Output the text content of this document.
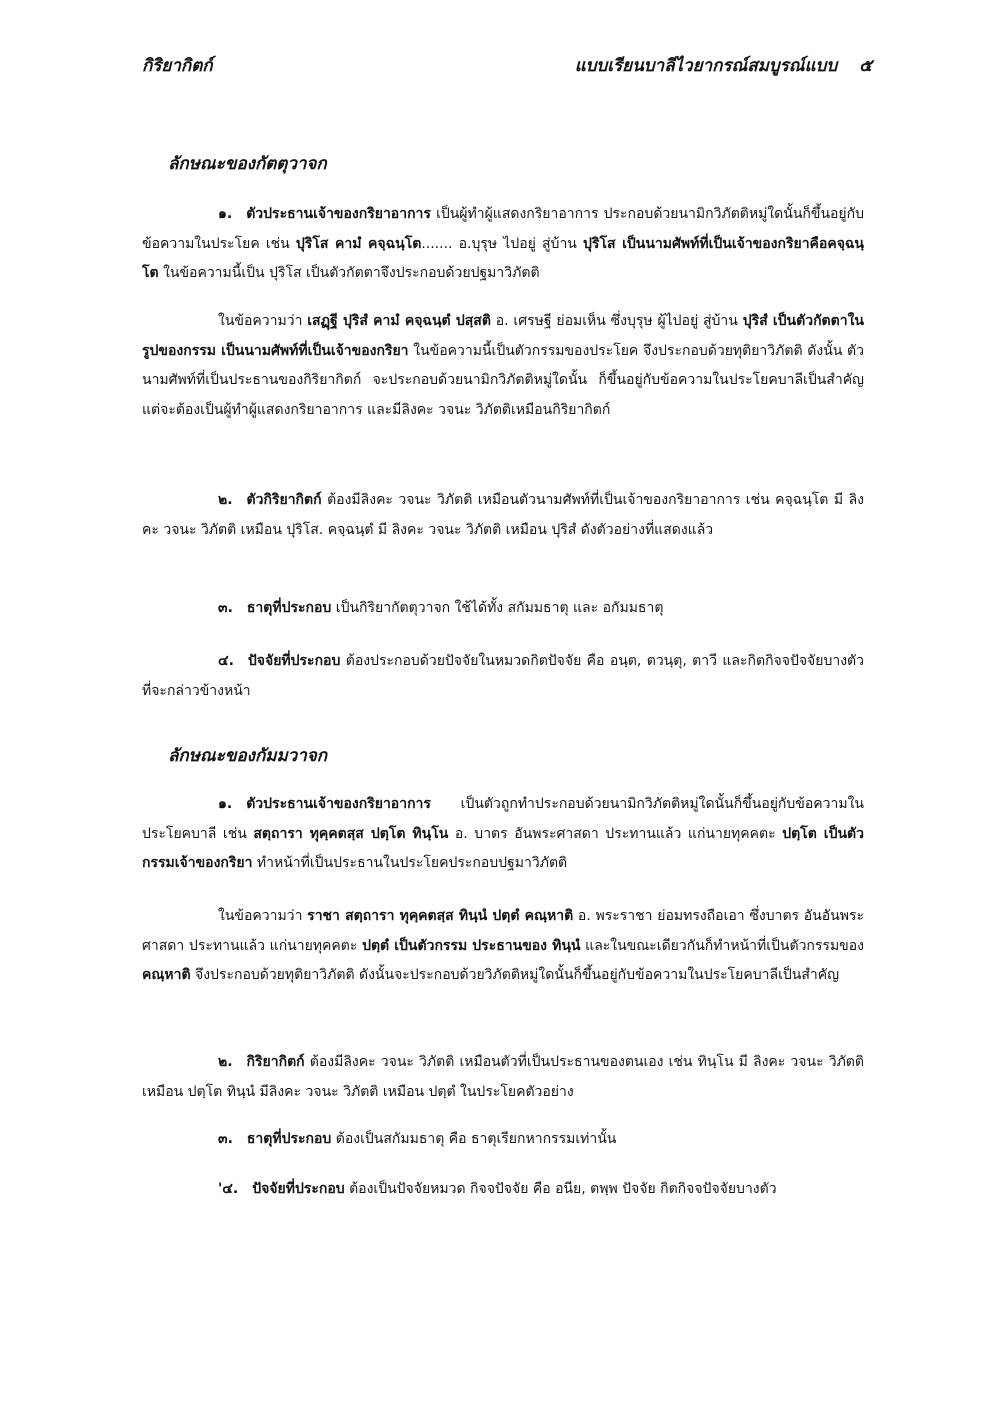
กิริยากิตก์	แบบเรียนบาลีไวยากรณ์สมบูรณ์แบบ ๕
ลักษณะของกัตตุวาจก

๑. ตัวประธานเจ้าของกริยาอาการ เป็นผู้ทำผู้แสดงกริยาอาการ ประกอบด้วยนามิกวิภัตติหมู่ใดนั้นก็ขึ้นอยู่กับข้อความในประโยค เช่น ปุริโส คามํ คจฺฉนฺโต....... อ.บุรุษ ไปอยู่ สู่บ้าน ปุริโส เป็นนามศัพท์ที่เป็นเจ้าของกริยาคือคจฺฉนฺโต ในข้อความนี้เป็น ปุริโส เป็นตัวกัตตาจึงประกอบด้วยปฐมาวิภัตติ

ในข้อความว่า เสฏฺฐี ปุริสํ คามํ คจฺฉนฺตํ ปสฺสติ อ. เศรษฐี ย่อมเห็น ซึ่งบุรุษ ผู้ไปอยู่ สู่บ้าน ปุริสํ เป็นตัวกัตตาในรูปของกรรม เป็นนามศัพท์ที่เป็นเจ้าของกริยา ในข้อความนี้เป็นตัวกรรมของประโยค จึงประกอบด้วยทุติยาวิภัตติ ดังนั้น ตัวนามศัพท์ที่เป็นประธานของกิริยากิตก์ จะประกอบด้วยนามิกวิภัตติหมู่ใดนั้น ก็ขึ้นอยู่กับข้อความในประโยคบาลีเป็นสำคัญ แต่จะต้องเป็นผู้ทำผู้แสดงกริยาอาการ และมีลิงคะ วจนะ วิภัตติเหมือนกิริยากิตก์

๒. ตัวกิริยากิตก์ ต้องมีลิงคะ วจนะ วิภัตติ เหมือนตัวนามศัพท์ที่เป็นเจ้าของกริยาอาการ เช่น คจฺฉนฺโต มี ลิงคะ วจนะ วิภัตติ เหมือน ปุริโส. คจฺฉนฺตํ มี ลิงคะ วจนะ วิภัตติ เหมือน ปุริสํ ดังตัวอย่างที่แสดงแล้ว

๓. ธาตุที่ประกอบ เป็นกิริยากัตตุวาจก ใช้ได้ทั้ง สกัมมธาตุ และ อกัมมธาตุ

๔. ปัจจัยที่ประกอบ ต้องประกอบด้วยปัจจัยในหมวดกิตปัจจัย คือ อนฺต, ตวนฺตุ, ตาวี และกิตกิจจปัจจัยบางตัว ที่จะกล่าวข้างหน้า

ลักษณะของกัมมวาจก

๑. ตัวประธานเจ้าของกริยาอาการ เป็นตัวถูกทำประกอบด้วยนามิกวิภัตติหมู่ใดนั้นก็ขึ้นอยู่กับข้อความในประโยคบาลี เช่น สตฺถารา ทุคฺคตสฺส ปตฺโต ทินฺโน อ. บาตร อันพระศาสดา ประทานแล้ว แก่นายทุคคตะ ปตฺโต เป็นตัวกรรมเจ้าของกริยา ทำหน้าที่เป็นประธานในประโยคประกอบปฐมาวิภัตติ

ในข้อความว่า ราชา สตฺถารา ทุคฺคตสฺส ทินฺนํ ปตฺตํ คณฺหาติ อ. พระราชา ย่อมทรงถือเอา ซึ่งบาตร อันอันพระศาสดา ประทานแล้ว แก่นายทุคคตะ ปตฺตํ เป็นตัวกรรม ประธานของ ทินฺนํ และในขณะเดียวกันก็ทำหน้าที่เป็นตัวกรรมของ คณฺหาติ จึงประกอบด้วยทุติยาวิภัตติ ดังนั้นจะประกอบด้วยวิภัตติหมู่ใดนั้นก็ขึ้นอยู่กับข้อความในประโยคบาลีเป็นสำคัญ

๒. กิริยากิตก์ ต้องมีลิงคะ วจนะ วิภัตติ เหมือนตัวที่เป็นประธานของตนเอง เช่น ทินฺโน มี ลิงคะ วจนะ วิภัตติ เหมือน ปตฺโต ทินฺนํ มีลิงคะ วจนะ วิภัตติ เหมือน ปตฺตํ ในประโยคตัวอย่าง

๓. ธาตุที่ประกอบ ต้องเป็นสกัมมธาตุ คือ ธาตุเรียกหากรรมเท่านั้น

'๔. ปัจจัยที่ประกอบ ต้องเป็นปัจจัยหมวด กิจจปัจจัย คือ อนีย, ตพฺพ ปัจจัย กิตกิจจปัจจัยบางตัว
